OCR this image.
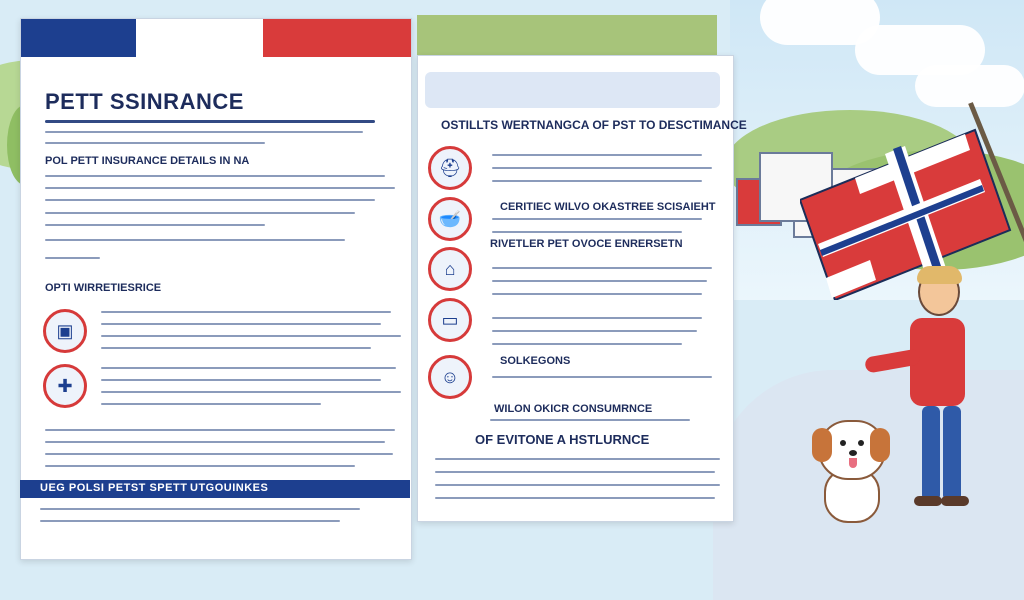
PETT SSINRANCE
POL PETT INSURANCE DETAILS IN NA
OPTI WIRRETIESRICE
▣
✚
UEG POLSI PETST SPETT UTGOUINKES
OSTILLTS WERTNANGCA OF PST TO DESCTIMANCE
⛑
🥣
⌂
▭
☺
CERITIEC WILVO OKASTREE SCISAIEHT
RIVETLER PET OVOCE ENRERSETN
SOLKEGONS
WILON OKICR CONSUMRNCE
OF EVITONE A HSTLURNCE
